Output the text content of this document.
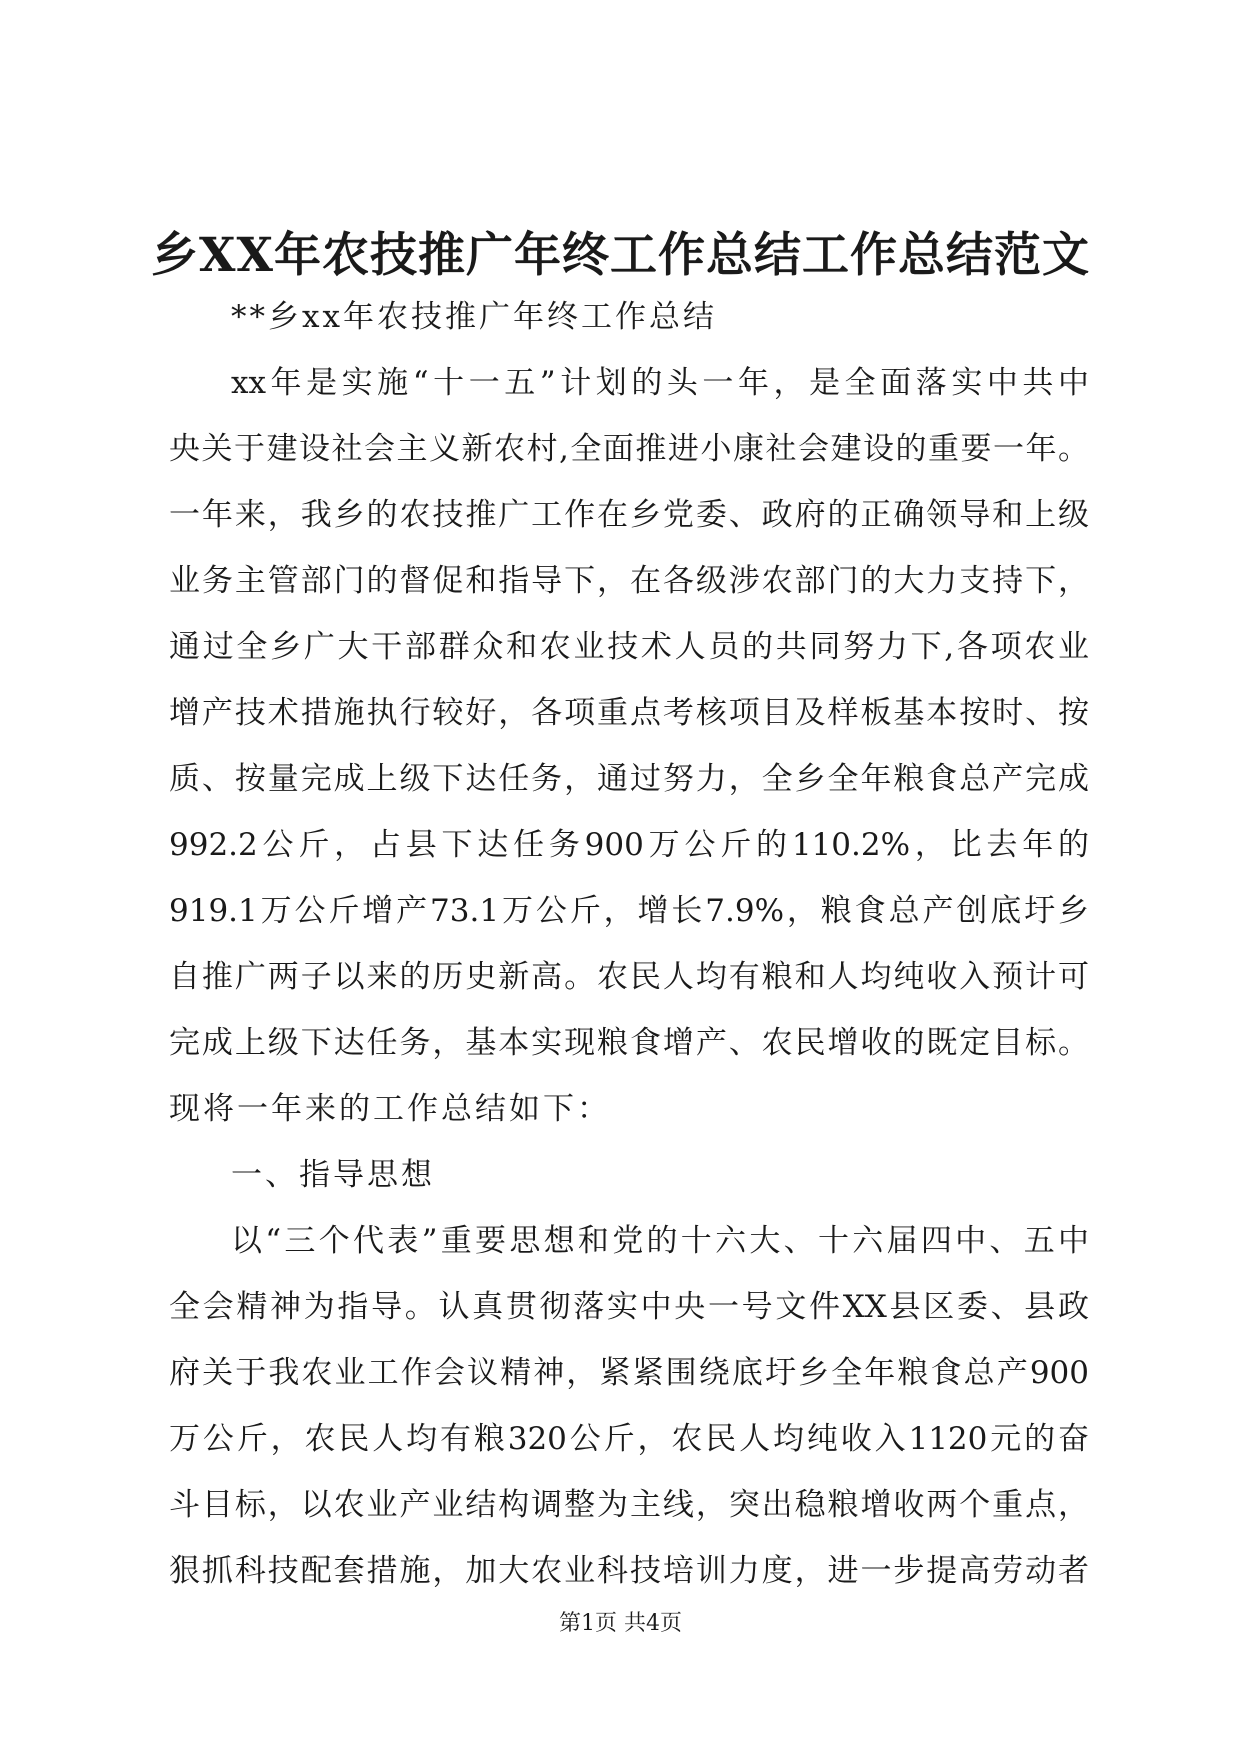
乡XX年农技推广年终工作总结工作总结范文
**乡xx年农技推广年终工作总结
xx年是实施“十一五”计划的头一年，是全面落实中共中
央关于建设社会主义新农村,全面推进小康社会建设的重要一年。
一年来，我乡的农技推广工作在乡党委、政府的正确领导和上级
业务主管部门的督促和指导下，在各级涉农部门的大力支持下，
通过全乡广大干部群众和农业技术人员的共同努力下,各项农业
增产技术措施执行较好，各项重点考核项目及样板基本按时、按
质、按量完成上级下达任务，通过努力，全乡全年粮食总产完成
992.2公斤，占县下达任务900万公斤的110.2%，比去年的
919.1万公斤增产73.1万公斤，增长7.9%，粮食总产创底圩乡
自推广两子以来的历史新高。农民人均有粮和人均纯收入预计可
完成上级下达任务，基本实现粮食增产、农民增收的既定目标。
现将一年来的工作总结如下：
一、指导思想
以“三个代表”重要思想和党的十六大、十六届四中、五中
全会精神为指导。认真贯彻落实中央一号文件XX县区委、县政
府关于我农业工作会议精神，紧紧围绕底圩乡全年粮食总产900
万公斤，农民人均有粮320公斤，农民人均纯收入1120元的奋
斗目标，以农业产业结构调整为主线，突出稳粮增收两个重点，
狠抓科技配套措施，加大农业科技培训力度，进一步提高劳动者
第1页 共4页
